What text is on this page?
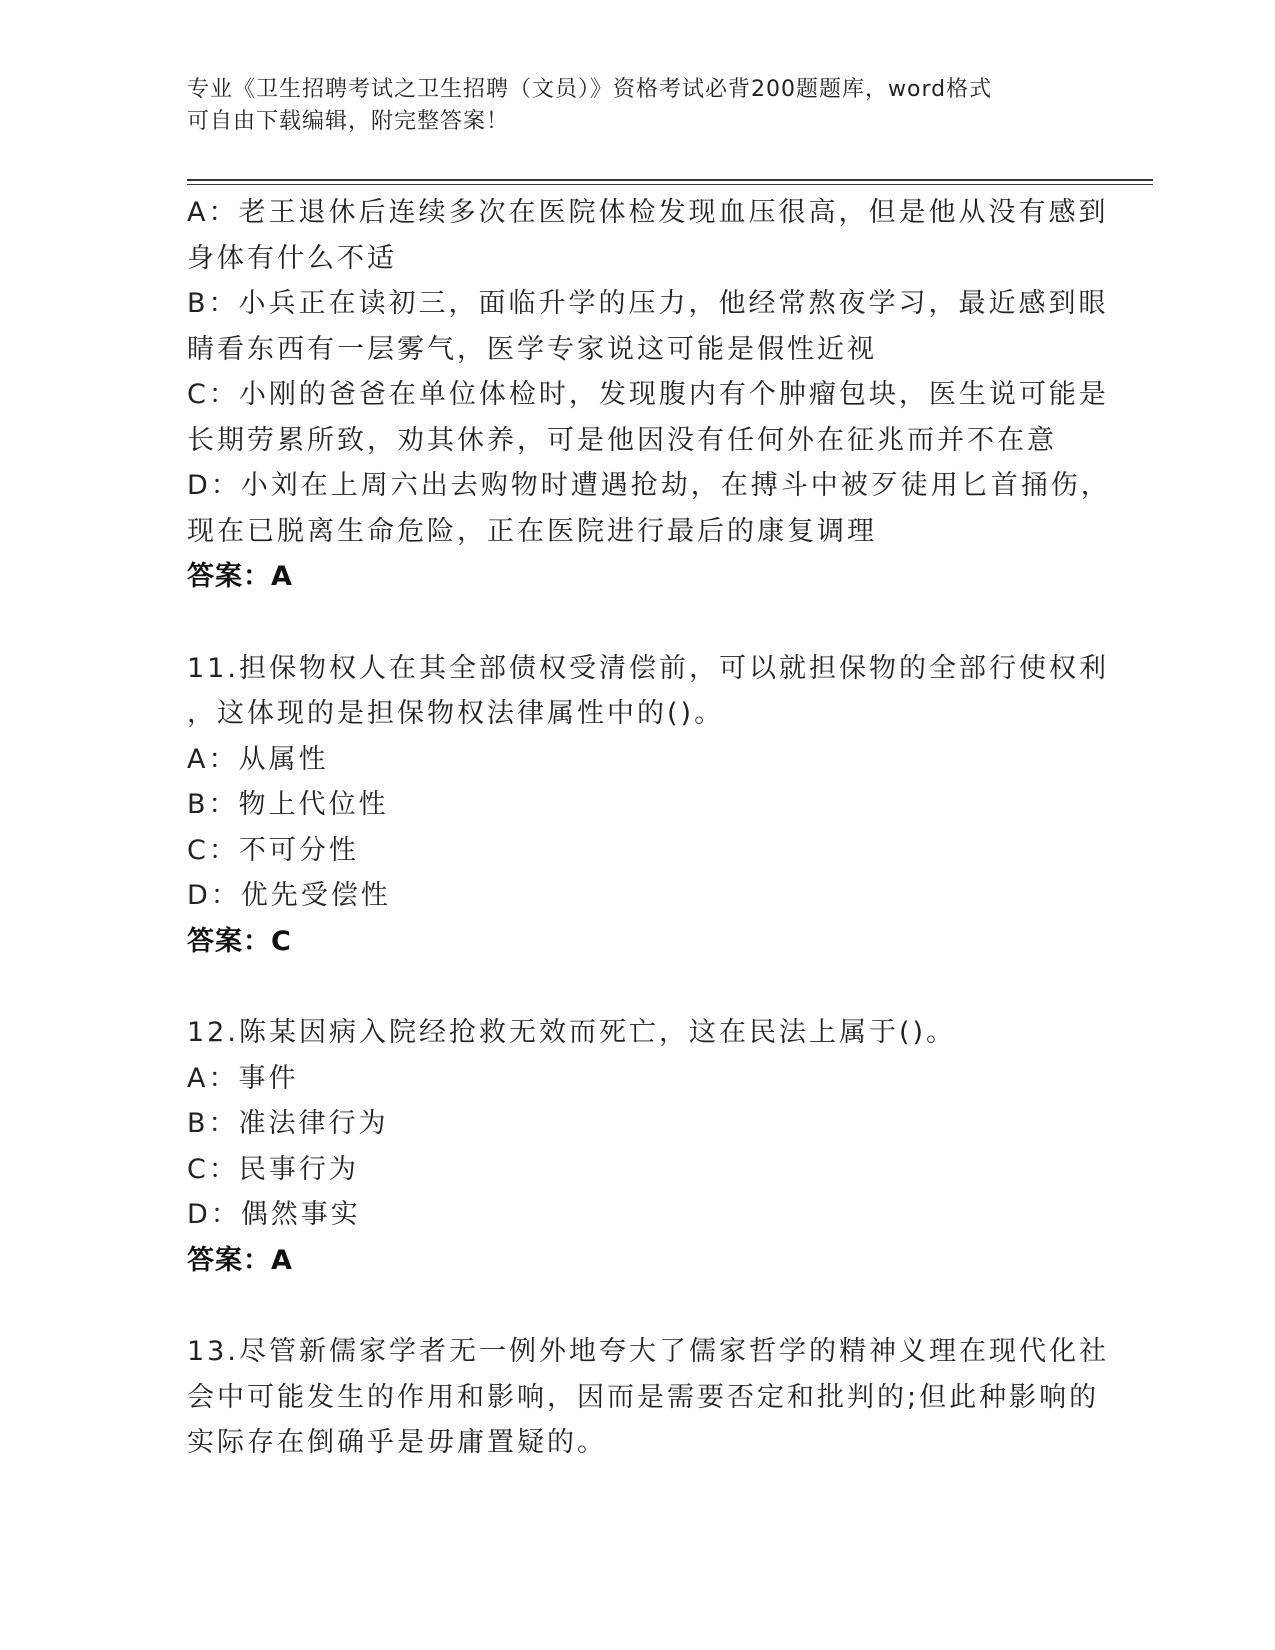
专业《卫生招聘考试之卫生招聘（文员）》资格考试必背200题题库，word格式
可自由下载编辑，附完整答案！
A：老王退休后连续多次在医院体检发现血压很高，但是他从没有感到
身体有什么不适
B：小兵正在读初三，面临升学的压力，他经常熬夜学习，最近感到眼
睛看东西有一层雾气，医学专家说这可能是假性近视
C：小刚的爸爸在单位体检时，发现腹内有个肿瘤包块，医生说可能是
长期劳累所致，劝其休养，可是他因没有任何外在征兆而并不在意
D：小刘在上周六出去购物时遭遇抢劫，在搏斗中被歹徒用匕首捅伤，
现在已脱离生命危险，正在医院进行最后的康复调理
答案：A
11.担保物权人在其全部债权受清偿前，可以就担保物的全部行使权利
，这体现的是担保物权法律属性中的()。
A：从属性
B：物上代位性
C：不可分性
D：优先受偿性
答案：C
12.陈某因病入院经抢救无效而死亡，这在民法上属于()。
A：事件
B：准法律行为
C：民事行为
D：偶然事实
答案：A
13.尽管新儒家学者无一例外地夸大了儒家哲学的精神义理在现代化社
会中可能发生的作用和影响，因而是需要否定和批判的;但此种影响的
实际存在倒确乎是毋庸置疑的。
